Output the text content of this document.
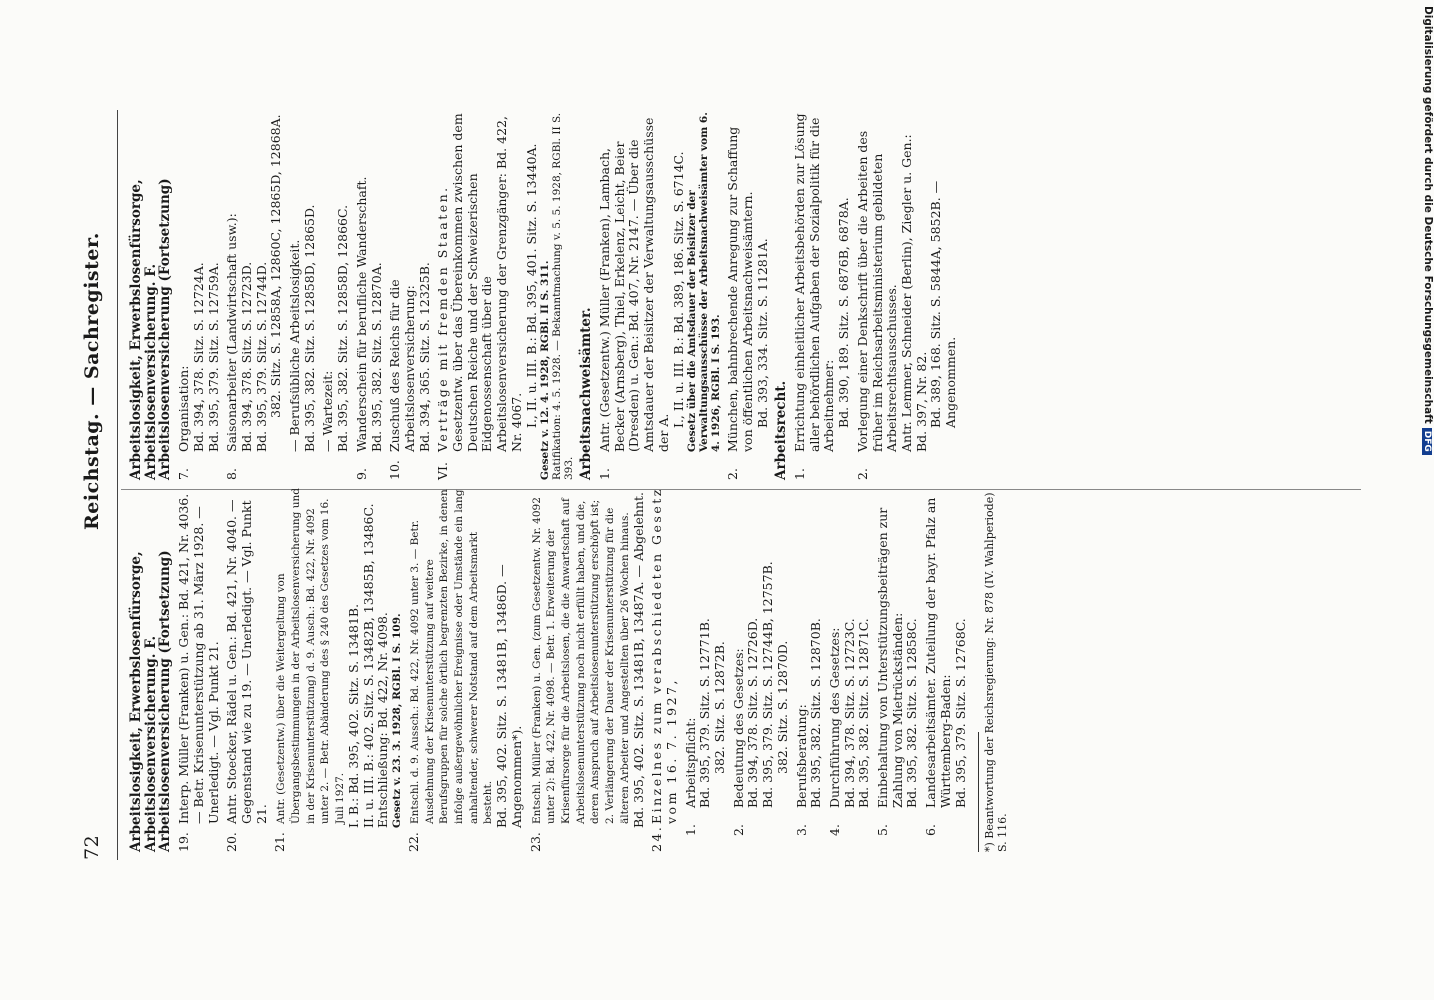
72
Reichstag. — Sachregister.
Arbeitslosigkeit, Erwerbslosenfürsorge, Arbeitslosenversicherung. F. Arbeitslosenversicherung (Fortsetzung) 19.
Interp. Müller (Franken) u. Gen.: Bd. 421, Nr. 4036. — Betr. Krisenunterstützung ab 31. März 1928. — Unerledigt. — Vgl. Punkt 21.
20.
Antr. Stoecker, Rädel u. Gen.: Bd. 421, Nr. 4040. — Gegenstand wie zu 19. — Unerledigt. — Vgl. Punkt 21.
21.
Antr. (Gesetzentw.) über die Weitergeltung von Übergangsbestimmungen in der Arbeitslosenversicherung und in der Krisenunterstützung) d. 9. Ausch.: Bd. 422, Nr. 4092 unter 2. — Betr. Abänderung des § 240 des Gesetzes vom 16. Juli 1927. I. B.: Bd. 395, 402. Sitz. S. 13481B. II. u. III. B.: 402. Sitz. S. 13482B, 13485B, 13486C. Entschließung: Bd. 422, Nr. 4098. Gesetz v. 23. 3. 1928, RGBl. I S. 109.
22.
Entschl. d. 9. Aussch.: Bd. 422, Nr. 4092 unter 3. — Betr. Ausdehnung der Krisenunterstützung auf weitere Berufsgruppen für solche örtlich begrenzten Bezirke, in denen infolge außergewöhnlicher Ereignisse oder Umstände ein lang anhaltender, schwerer Notstand auf dem Arbeitsmarkt besteht. Bd. 395, 402. Sitz. S. 13481B, 13486D. — Angenommen*).
23.
Entschl. Müller (Franken) u. Gen. (zum Gesetzentw. Nr. 4092 unter 2): Bd. 422, Nr. 4098. — Betr. 1. Erweiterung der Krisenfürsorge für die Arbeitslosen, die die Anwartschaft auf Arbeitslosenunterstützung noch nicht erfüllt haben, und die, deren Anspruch auf Arbeitslosenunterstützung erschöpft ist; 2. Verlängerung der Dauer der Krisenunterstützung für die älteren Arbeiter und Angestellten über 26 Wochen hinaus. Bd. 395, 402. Sitz. S. 13481B, 13487A. — Abgelehnt.
24.
Einzelnes zum verabschiedeten Gesetz vom 16. 7. 1927,
1.
Arbeitspflicht: Bd. 395, 379. Sitz. S. 12771B. 382. Sitz. S. 12872B.
2.
Bedeutung des Gesetzes: Bd. 394, 378. Sitz. S. 12726D. Bd. 395, 379. Sitz. S. 12744B, 12757B. 382. Sitz. S. 12870D.
3.
Berufsberatung: Bd. 395, 382. Sitz. S. 12870B.
4.
Durchführung des Gesetzes: Bd. 394, 378. Sitz. S. 12723C. Bd. 395, 382. Sitz. S. 12871C.
5.
Einbehaltung von Unterstützungsbeiträgen zur Zahlung von Mietrückständen: Bd. 395, 382. Sitz. S. 12858C.
6.
Landesarbeitsämter. Zuteilung der bayr. Pfalz an Württemberg-Baden: Bd. 395, 379. Sitz. S. 12768C. *) Beantwortung der Reichsregierung: Nr. 878 (IV. Wahlperiode) S. 116.
Arbeitslosigkeit, Erwerbslosenfürsorge, Arbeitslosenversicherung. F. Arbeitslosenversicherung (Fortsetzung) 7.
Organisation: Bd. 394, 378. Sitz. S. 12724A. Bd. 395, 379. Sitz. S. 12759A.
8.
Saisonarbeiter (Landwirtschaft usw.): Bd. 394, 378. Sitz. S. 12723D. Bd. 395, 379. Sitz. S. 12744D. 382. Sitz. S. 12858A, 12860C, 12865D, 12868A. — Berufsübliche Arbeitslosigkeit. Bd. 395, 382. Sitz. S. 12858D, 12865D. — Wartezeit: Bd. 395, 382. Sitz. S. 12858D, 12866C.
9.
Wanderschein für berufliche Wanderschaft. Bd. 395, 382. Sitz. S. 12870A.
10.
Zuschuß des Reichs für die Arbeitslosenversicherung: Bd. 394, 365. Sitz. S. 12325B.
VI.
Verträge mit fremden Staaten. Gesetzentw. über das Übereinkommen zwischen dem Deutschen Reiche und der Schweizerischen Eidgenossenschaft über die Arbeitslosenversicherung der Grenzgänger: Bd. 422, Nr. 4067. I., II. u. III. B.: Bd. 395, 401. Sitz. S. 13440A. Gesetz v. 12. 4. 1928, RGBl. II S. 311. Ratifikation: 4. 5. 1928. — Bekanntmachung v. 5. 5. 1928, RGBl. II S. 393. Arbeitsnachweisämter. 1.
Antr. (Gesetzentw.) Müller (Franken), Lambach, Becker (Arnsberg), Thiel, Erkelenz, Leicht, Beier (Dresden) u. Gen.: Bd. 407, Nr. 2147. — Über die Amtsdauer der Beisitzer der Verwaltungsausschüsse der A.
I., II. u. III. B.: Bd. 389, 186. Sitz. S. 6714C. Gesetz über die Amtsdauer der Beisitzer der Verwaltungsausschüsse der Arbeitsnachweisämter vom 6. 4. 1926, RGBl. I S. 193.
2.
München, bahnbrechende Anregung zur Schaffung von öffentlichen Arbeitsnachweisämtern. Bd. 393, 334. Sitz. S. 11281A.
Arbeitsrecht. 1.
Errichtung einheitlicher Arbeitsbehörden zur Lösung aller behördlichen Aufgaben der Sozialpolitik für die Arbeitnehmer: Bd. 390, 189. Sitz. S. 6876B, 6878A.
2.
Vorlegung einer Denkschrift über die Arbeiten des früher im Reichsarbeitsministerium gebildeten Arbeitsrechtsausschusses. Antr. Lemmer, Schneider (Berlin), Ziegler u. Gen.: Bd. 397, Nr. 82. Bd. 389, 168. Sitz. S. 5844A, 5852B. — Angenommen.	Digitalisierung gefördert durch die Deutsche ForschungsgemeinschaftDFG
